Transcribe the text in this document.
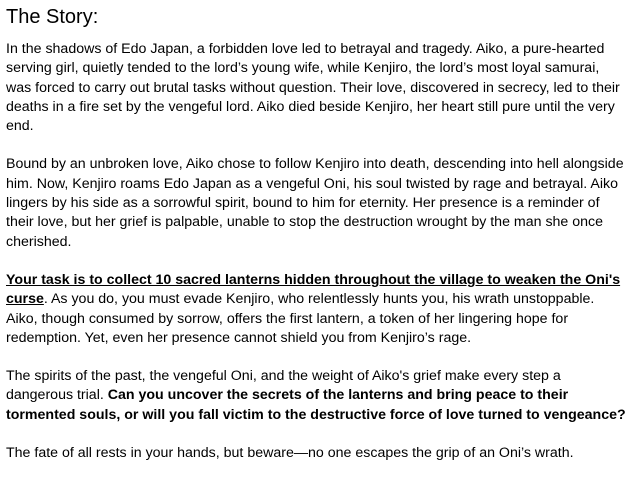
The Story:

In the shadows of Edo Japan, a forbidden love led to betrayal and tragedy. Aiko, a pure-hearted serving girl, quietly tended to the lord’s young wife, while Kenjiro, the lord’s most loyal samurai, was forced to carry out brutal tasks without question. Their love, discovered in secrecy, led to their deaths in a fire set by the vengeful lord. Aiko died beside Kenjiro, her heart still pure until the very end.

Bound by an unbroken love, Aiko chose to follow Kenjiro into death, descending into hell alongside him. Now, Kenjiro roams Edo Japan as a vengeful Oni, his soul twisted by rage and betrayal. Aiko lingers by his side as a sorrowful spirit, bound to him for eternity. Her presence is a reminder of their love, but her grief is palpable, unable to stop the destruction wrought by the man she once cherished.

Your task is to collect 10 sacred lanterns hidden throughout the village to weaken the Oni's curse. As you do, you must evade Kenjiro, who relentlessly hunts you, his wrath unstoppable. Aiko, though consumed by sorrow, offers the first lantern, a token of her lingering hope for redemption. Yet, even her presence cannot shield you from Kenjiro’s rage.

The spirits of the past, the vengeful Oni, and the weight of Aiko's grief make every step a dangerous trial. Can you uncover the secrets of the lanterns and bring peace to their tormented souls, or will you fall victim to the destructive force of love turned to vengeance?

The fate of all rests in your hands, but beware—no one escapes the grip of an Oni’s wrath.
